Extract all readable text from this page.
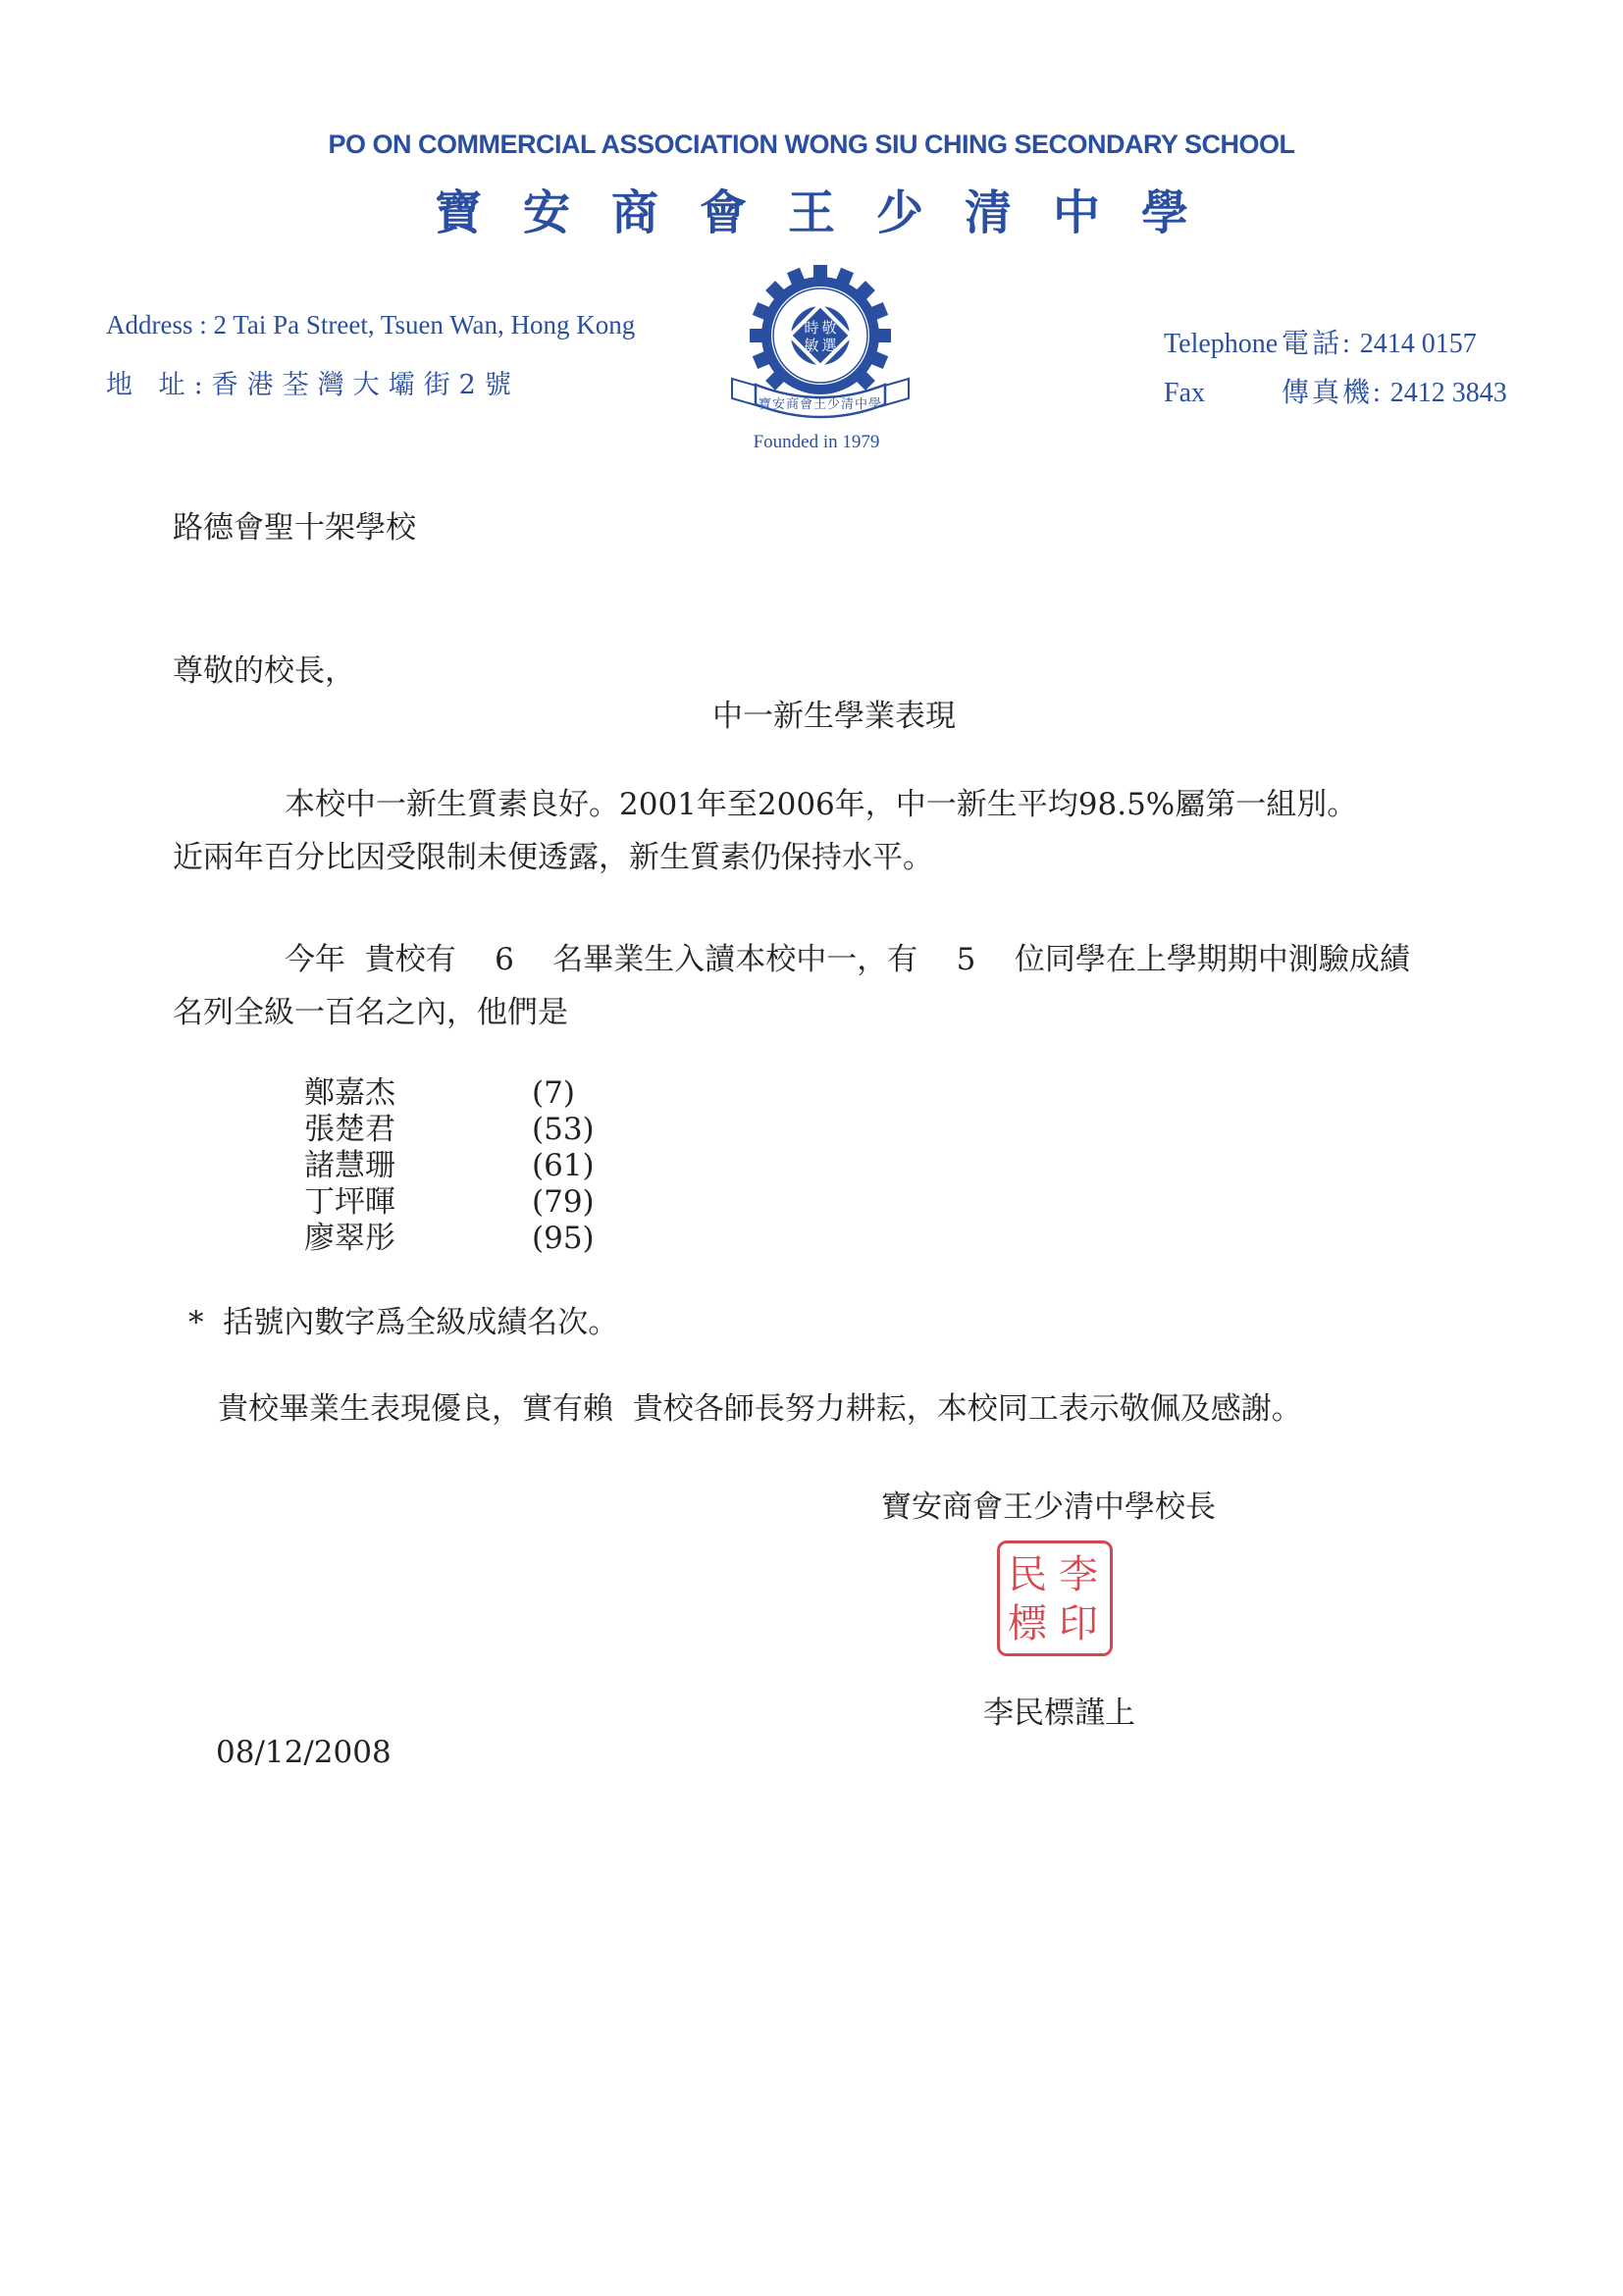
PO ON COMMERCIAL ASSOCIATION WONG SIU CHING SECONDARY SCHOOL
寶安商會王少清中學
Address : 2 Tai Pa Street, Tsuen Wan, Hong Kong
地 址:香港荃灣大壩街2號
時 敬
敏 選
寶安商會王少清中學
Founded in 1979
Telephone 電話: 2414 0157
Fax	傳真機: 2412 3843
路德會聖十架學校
尊敬的校長，
中一新生學業表現
本校中一新生質素良好。2001年至2006年，中一新生平均98.5%屬第一組別。
近兩年百分比因受限制未便透露，新生質素仍保持水平。
今年  貴校有    6    名畢業生入讀本校中一，有    5    位同學在上學期期中測驗成績
名列全級一百名之內，他們是
鄭嘉杰	(7)
張楚君	(53)
諸慧珊	(61)
丁坪暉	(79)
廖翠彤	(95)
*  括號內數字爲全級成績名次。
貴校畢業生表現優良，實有賴  貴校各師長努力耕耘，本校同工表示敬佩及感謝。
寶安商會王少清中學校長
民 李
標 印
李民標謹上
08/12/2008
